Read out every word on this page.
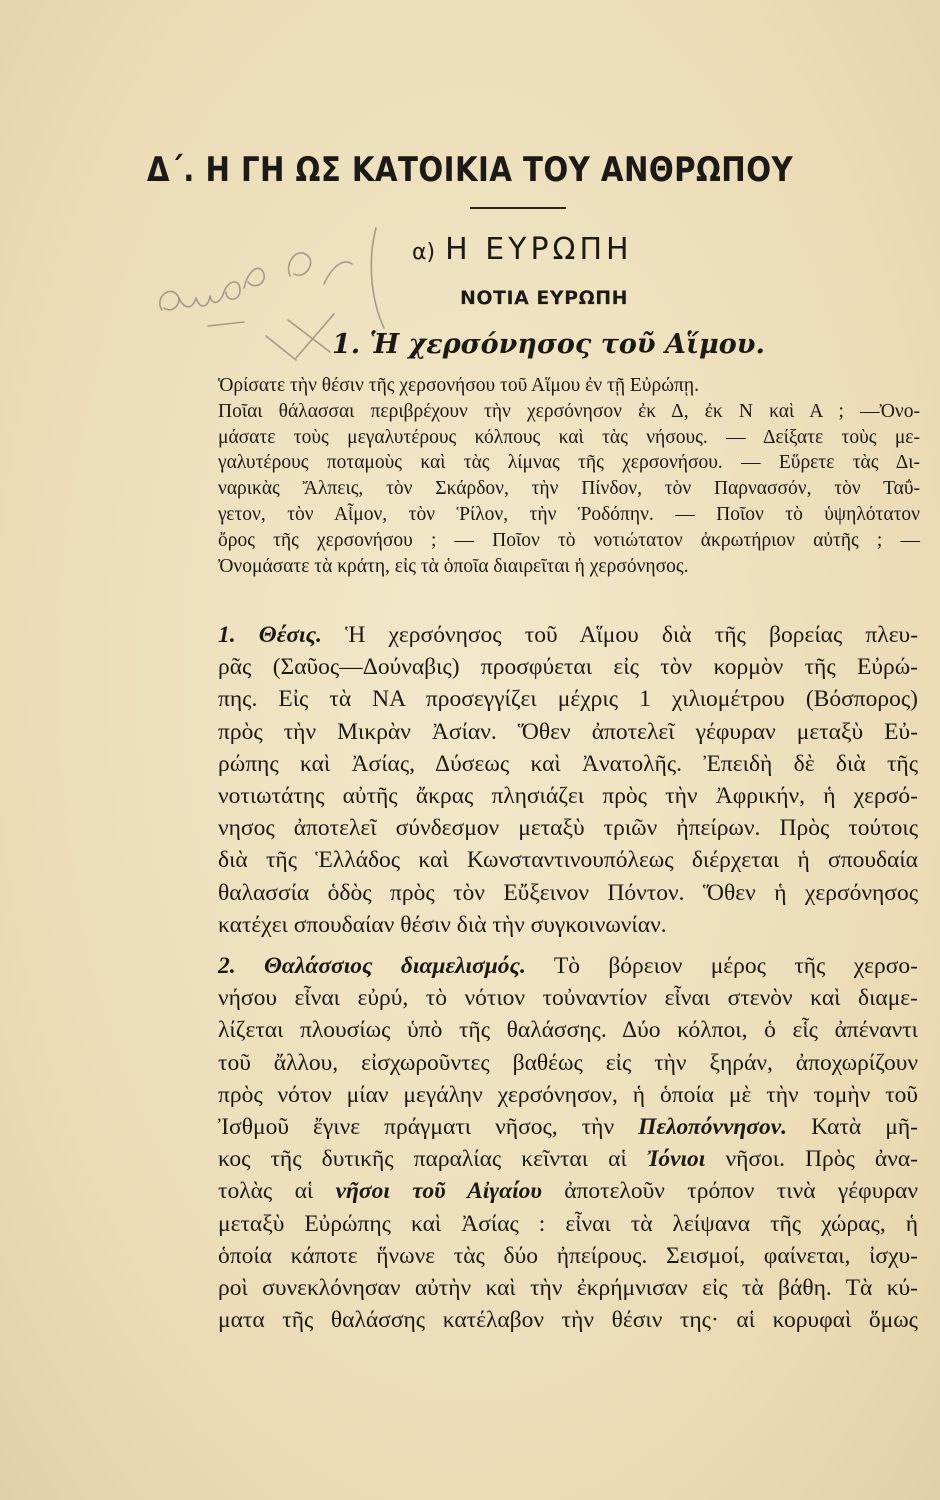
Δ΄. Η ΓΗ ΩΣ ΚΑΤΟΙΚΙΑ ΤΟΥ ΑΝΘΡΩΠΟΥ
α) Η ΕΥΡΩΠΗ
ΝΟΤΙΑ ΕΥΡΩΠΗ
1. Ἡ χερσόνησος τοῦ Αἵμου.
Ὁρίσατε τὴν θέσιν τῆς χερσονήσου τοῦ Αἵμου ἐν τῇ Εὐρώπῃ.
Ποῖαι θάλασσαι περιβρέχουν τὴν χερσόνησον ἐκ Δ, ἐκ Ν καὶ Α ; —Ὀνο-
μάσατε τοὺς μεγαλυτέρους κόλπους καὶ τὰς νήσους. — Δείξατε τοὺς με-
γαλυτέρους ποταμοὺς καὶ τὰς λίμνας τῆς χερσονήσου. — Εὕρετε τὰς Δι-
ναρικὰς Ἄλπεις, τὸν Σκάρδον, τὴν Πίνδον, τὸν Παρνασσόν, τὸν Ταΰ-
γετον, τὸν Αἷμον, τὸν Ῥίλον, τὴν Ῥοδόπην. — Ποῖον τὸ ὑψηλότατον
ὄρος τῆς χερσονήσου ; — Ποῖον τὸ νοτιώτατον ἀκρωτήριον αὐτῆς ; —
Ὀνομάσατε τὰ κράτη, εἰς τὰ ὁποῖα διαιρεῖται ἡ χερσόνησος.
1. Θέσις. Ἡ χερσόνησος τοῦ Αἵμου διὰ τῆς βορείας πλευ-
ρᾶς (Σαῦος—Δούναβις) προσφύεται εἰς τὸν κορμὸν τῆς Εὐρώ-
πης. Εἰς τὰ ΝΑ προσεγγίζει μέχρις 1 χιλιομέτρου (Βόσπορος)
πρὸς τὴν Μικρὰν Ἀσίαν. Ὅθεν ἀποτελεῖ γέφυραν μεταξὺ Εὐ-
ρώπης καὶ Ἀσίας, Δύσεως καὶ Ἀνατολῆς. Ἐπειδὴ δὲ διὰ τῆς
νοτιωτάτης αὐτῆς ἄκρας πλησιάζει πρὸς τὴν Ἀφρικήν, ἡ χερσό-
νησος ἀποτελεῖ σύνδεσμον μεταξὺ τριῶν ἠπείρων. Πρὸς τούτοις
διὰ τῆς Ἑλλάδος καὶ Κωνσταντινουπόλεως διέρχεται ἡ σπουδαία
θαλασσία ὁδὸς πρὸς τὸν Εὔξεινον Πόντον. Ὅθεν ἡ χερσόνησος
κατέχει σπουδαίαν θέσιν διὰ τὴν συγκοινωνίαν.
2. Θαλάσσιος διαμελισμός. Τὸ βόρειον μέρος τῆς χερσο-
νήσου εἶναι εὐρύ, τὸ νότιον τοὐναντίον εἶναι στενὸν καὶ διαμε-
λίζεται πλουσίως ὑπὸ τῆς θαλάσσης. Δύο κόλποι, ὁ εἷς ἀπέναντι
τοῦ ἄλλου, εἰσχωροῦντες βαθέως εἰς τὴν ξηράν, ἀποχωρίζουν
πρὸς νότον μίαν μεγάλην χερσόνησον, ἡ ὁποία μὲ τὴν τομὴν τοῦ
Ἰσθμοῦ ἔγινε πράγματι νῆσος, τὴν Πελοπόννησον. Κατὰ μῆ-
κος τῆς δυτικῆς παραλίας κεῖνται αἱ Ἰόνιοι νῆσοι. Πρὸς ἀνα-
τολὰς αἱ νῆσοι τοῦ Αἰγαίου ἀποτελοῦν τρόπον τινὰ γέφυραν
μεταξὺ Εὐρώπης καὶ Ἀσίας : εἶναι τὰ λείψανα τῆς χώρας, ἡ
ὁποία κάποτε ἥνωνε τὰς δύο ἠπείρους. Σεισμοί, φαίνεται, ἰσχυ-
ροὶ συνεκλόνησαν αὐτὴν καὶ τὴν ἐκρήμνισαν εἰς τὰ βάθη. Τὰ κύ-
ματα τῆς θαλάσσης κατέλαβον τὴν θέσιν της· αἱ κορυφαὶ ὅμως
